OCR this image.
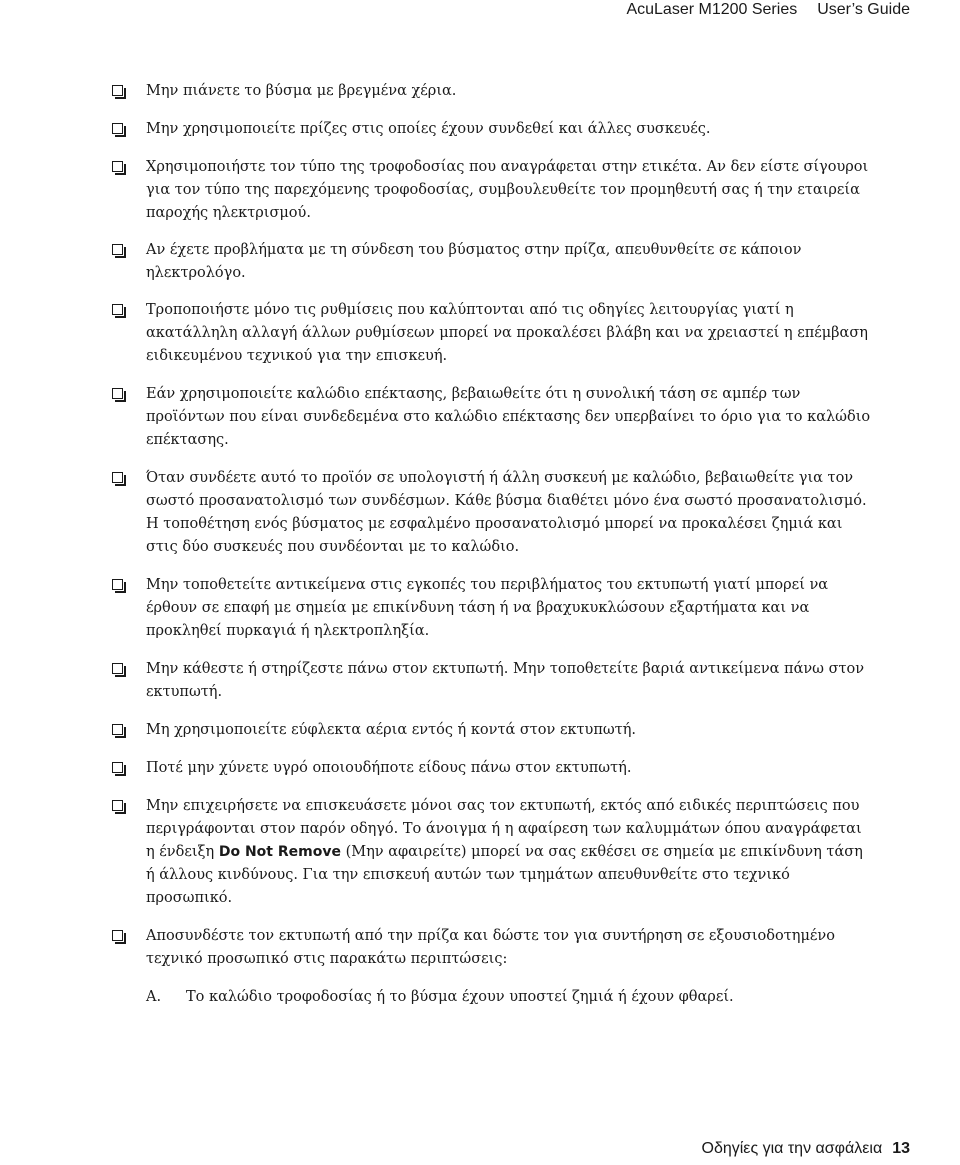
AcuLaser M1200 Series User’s Guide

Μην πιάνετε το βύσμα με βρεγμένα χέρια.

Μην χρησιμοποιείτε πρίζες στις οποίες έχουν συνδεθεί και άλλες συσκευές.

Χρησιμοποιήστε τον τύπο της τροφοδοσίας που αναγράφεται στην ετικέτα. Αν δεν είστε σίγουροι για τον τύπο της παρεχόμενης τροφοδοσίας, συμβουλευθείτε τον προμηθευτή σας ή την εταιρεία παροχής ηλεκτρισμού.

Αν έχετε προβλήματα με τη σύνδεση του βύσματος στην πρίζα, απευθυνθείτε σε κάποιον ηλεκτρολόγο.

Τροποποιήστε μόνο τις ρυθμίσεις που καλύπτονται από τις οδηγίες λειτουργίας γιατί η ακατάλληλη αλλαγή άλλων ρυθμίσεων μπορεί να προκαλέσει βλάβη και να χρειαστεί η επέμβαση ειδικευμένου τεχνικού για την επισκευή.

Εάν χρησιμοποιείτε καλώδιο επέκτασης, βεβαιωθείτε ότι η συνολική τάση σε αμπέρ των προϊόντων που είναι συνδεδεμένα στο καλώδιο επέκτασης δεν υπερβαίνει το όριο για το καλώδιο επέκτασης.

Όταν συνδέετε αυτό το προϊόν σε υπολογιστή ή άλλη συσκευή με καλώδιο, βεβαιωθείτε για τον σωστό προσανατολισμό των συνδέσμων. Κάθε βύσμα διαθέτει μόνο ένα σωστό προσανατολισμό. Η τοποθέτηση ενός βύσματος με εσφαλμένο προσανατολισμό μπορεί να προκαλέσει ζημιά και στις δύο συσκευές που συνδέονται με το καλώδιο.

Μην τοποθετείτε αντικείμενα στις εγκοπές του περιβλήματος του εκτυπωτή γιατί μπορεί να έρθουν σε επαφή με σημεία με επικίνδυνη τάση ή να βραχυκυκλώσουν εξαρτήματα και να προκληθεί πυρκαγιά ή ηλεκτροπληξία.

Μην κάθεστε ή στηρίζεστε πάνω στον εκτυπωτή. Μην τοποθετείτε βαριά αντικείμενα πάνω στον εκτυπωτή.

Μη χρησιμοποιείτε εύφλεκτα αέρια εντός ή κοντά στον εκτυπωτή.

Ποτέ μην χύνετε υγρό οποιουδήποτε είδους πάνω στον εκτυπωτή.

Μην επιχειρήσετε να επισκευάσετε μόνοι σας τον εκτυπωτή, εκτός από ειδικές περιπτώσεις που περιγράφονται στον παρόν οδηγό. Το άνοιγμα ή η αφαίρεση των καλυμμάτων όπου αναγράφεται η ένδειξη Do Not Remove (Μην αφαιρείτε) μπορεί να σας εκθέσει σε σημεία με επικίνδυνη τάση ή άλλους κινδύνους. Για την επισκευή αυτών των τμημάτων απευθυνθείτε στο τεχνικό προσωπικό.

Αποσυνδέστε τον εκτυπωτή από την πρίζα και δώστε τον για συντήρηση σε εξουσιοδοτημένο τεχνικό προσωπικό στις παρακάτω περιπτώσεις:

A. Το καλώδιο τροφοδοσίας ή το βύσμα έχουν υποστεί ζημιά ή έχουν φθαρεί.

Οδηγίες για την ασφάλεια 13
